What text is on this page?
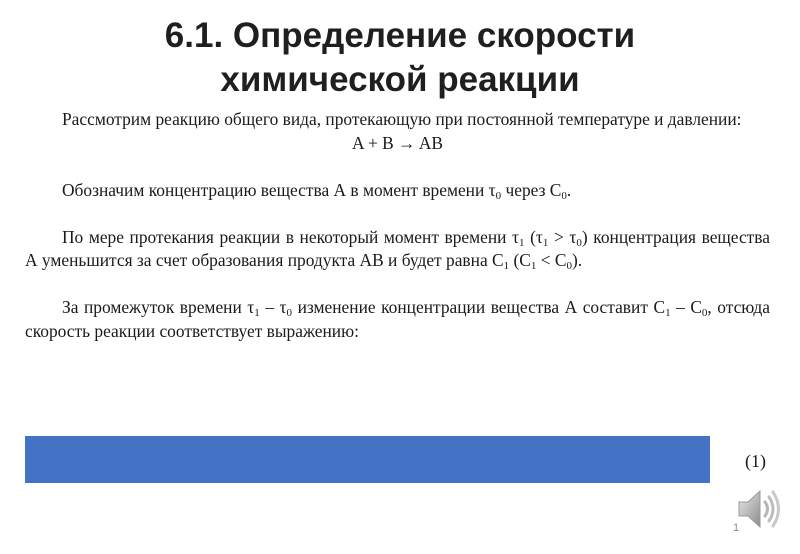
6.1. Определение скорости
химической реакции

Рассмотрим реакцию общего вида, протекающую при постоянной температуре и давлении:

A + B → AB

Обозначим концентрацию вещества А в момент времени $\tau_0$ через $С_0$.

По мере протекания реакции в некоторый момент времени $\tau_1$ $(\tau_1 > \tau_0)$ концентрация вещества А уменьшится за счет образования продукта AB и будет равна $C_1$ $(C_1 < C_0)$.

За промежуток времени $\tau_1 - \tau_0$ изменение концентрации вещества А составит $C_1 - C_0$, отсюда скорость реакции соответствует выражению:

(1)
1
